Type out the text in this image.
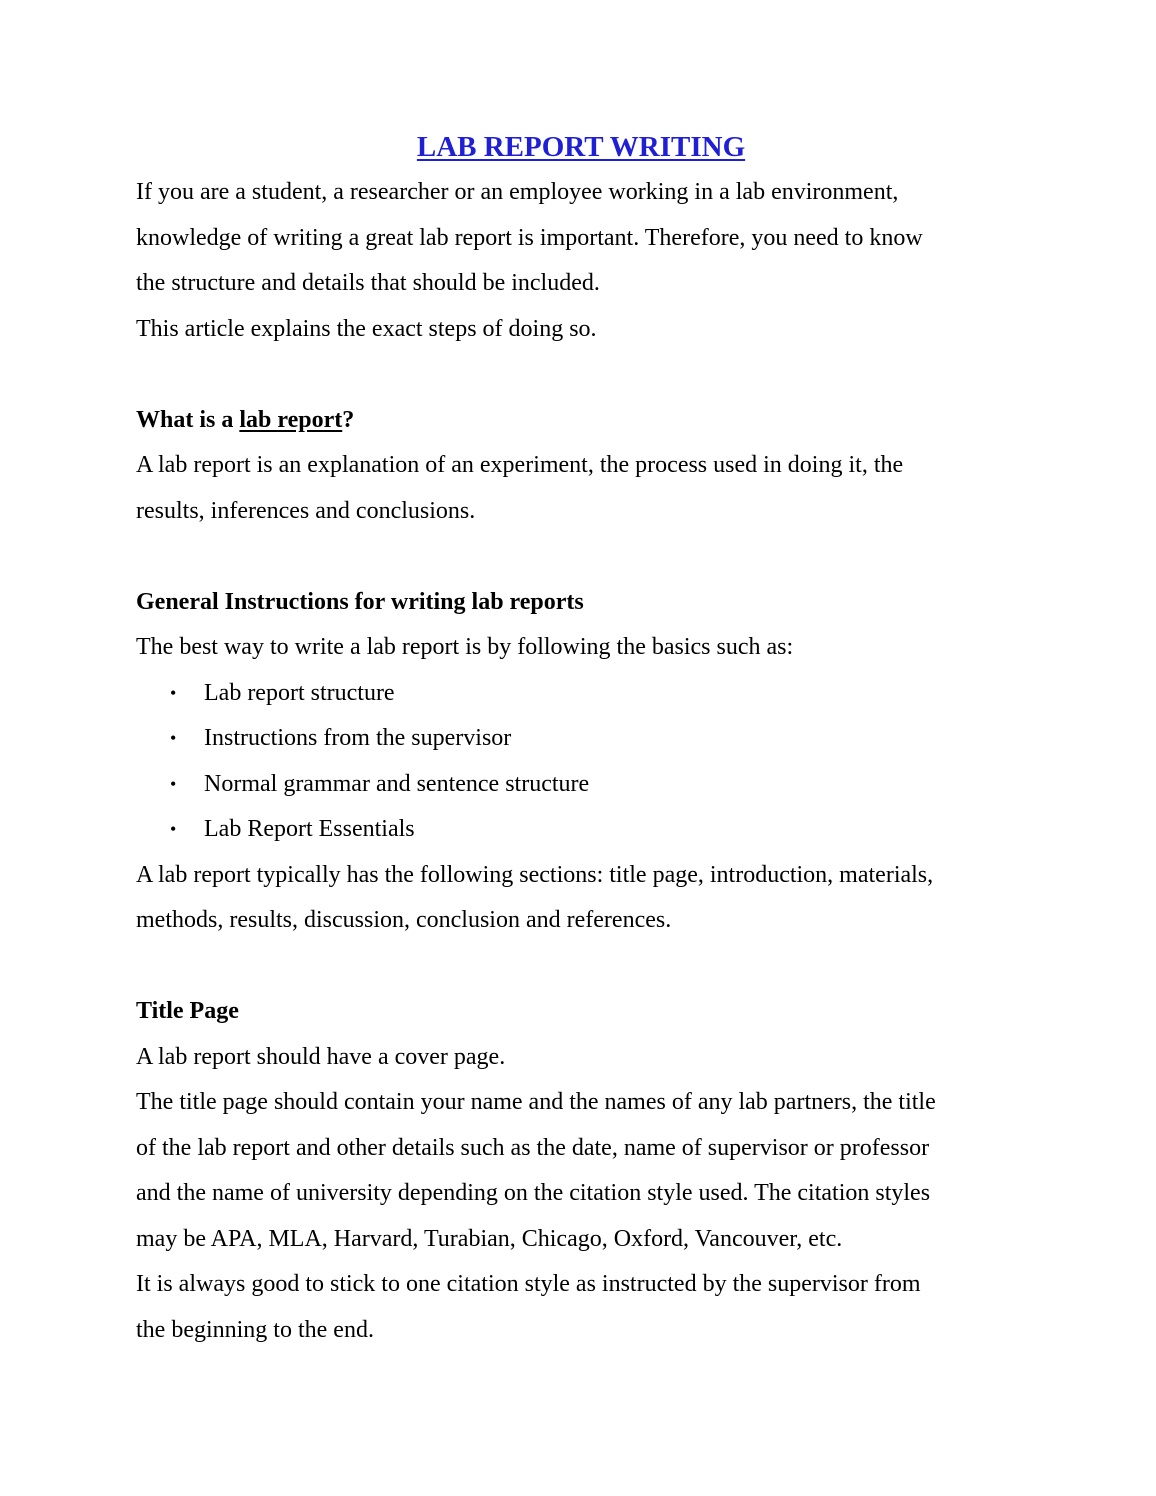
LAB REPORT WRITING

If you are a student, a researcher or an employee working in a lab environment,

knowledge of writing a great lab report is important. Therefore, you need to know

the structure and details that should be included.

This article explains the exact steps of doing so.

What is a lab report?

A lab report is an explanation of an experiment, the process used in doing it, the

results, inferences and conclusions.

General Instructions for writing lab reports

The best way to write a lab report is by following the basics such as:

• Lab report structure
• Instructions from the supervisor
• Normal grammar and sentence structure
• Lab Report Essentials

A lab report typically has the following sections: title page, introduction, materials,

methods, results, discussion, conclusion and references.

Title Page

A lab report should have a cover page.

The title page should contain your name and the names of any lab partners, the title

of the lab report and other details such as the date, name of supervisor or professor

and the name of university depending on the citation style used. The citation styles

may be APA, MLA, Harvard, Turabian, Chicago, Oxford, Vancouver, etc.

It is always good to stick to one citation style as instructed by the supervisor from

the beginning to the end.
